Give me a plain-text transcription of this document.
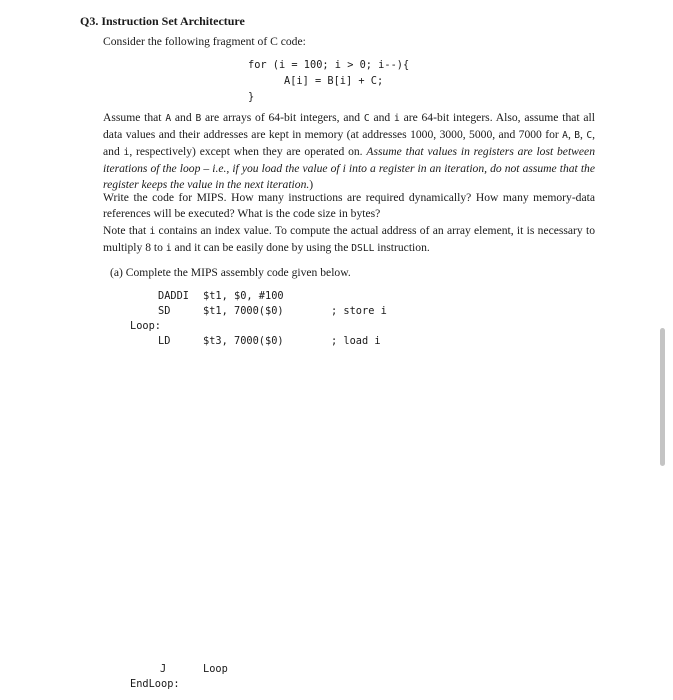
Q3. Instruction Set Architecture
Consider the following fragment of C code:
for (i = 100; i > 0; i--){
A[i] = B[i] + C;
}
Assume that A and B are arrays of 64-bit integers, and C and i are 64-bit integers. Also, assume that all data values and their addresses are kept in memory (at addresses 1000, 3000, 5000, and 7000 for A, B, C, and i, respectively) except when they are operated on. Assume that values in registers are lost between iterations of the loop – i.e., if you load the value of i into a register in an iteration, do not assume that the register keeps the value in the next iteration.)
Write the code for MIPS. How many instructions are required dynamically? How many memory-data references will be executed? What is the code size in bytes?
Note that i contains an index value. To compute the actual address of an array element, it is necessary to multiply 8 to i and it can be easily done by using the DSLL instruction.
(a) Complete the MIPS assembly code given below.
DADDI $t1, $0, #100
SD	$t1, 7000($0)	; store i
Loop:
LD	$t3, 7000($0)	; load i
J	Loop
EndLoop:
